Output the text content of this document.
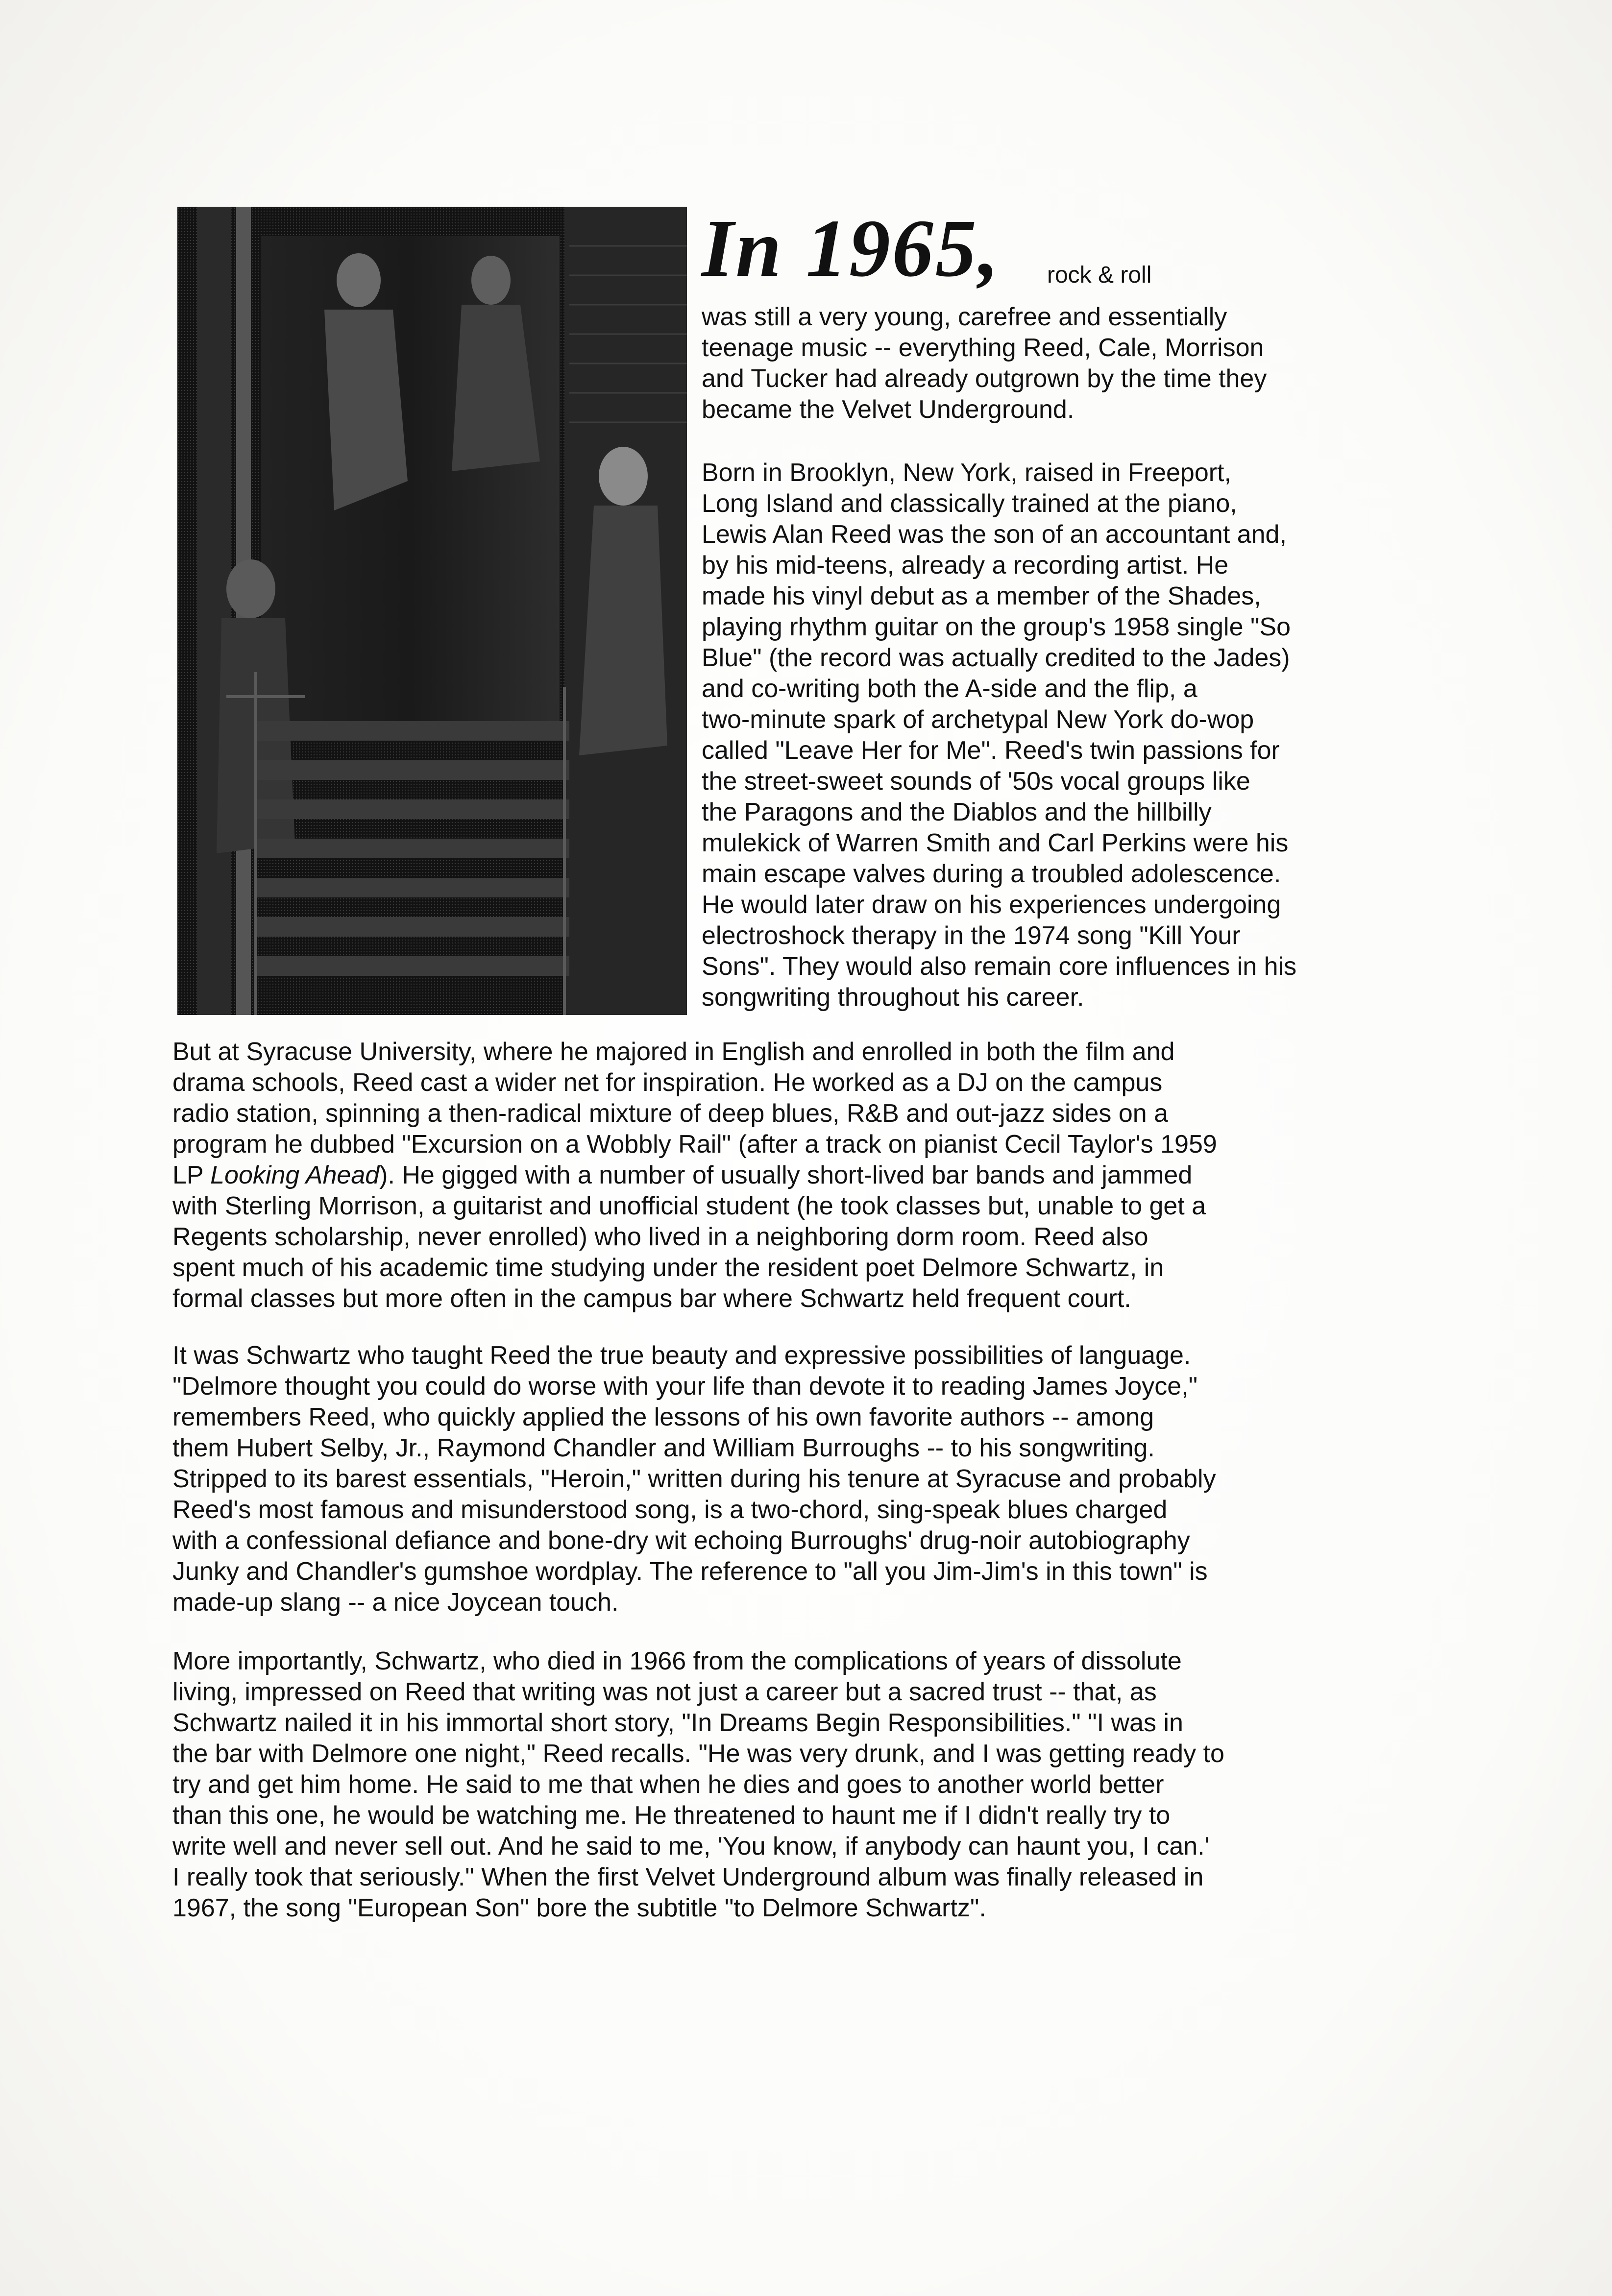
In 1965, rock & roll

was still a very young, carefree and essentially
teenage music -- everything Reed, Cale, Morrison
and Tucker had already outgrown by the time they
became the Velvet Underground.

Born in Brooklyn, New York, raised in Freeport,
Long Island and classically trained at the piano,
Lewis Alan Reed was the son of an accountant and,
by his mid-teens, already a recording artist. He
made his vinyl debut as a member of the Shades,
playing rhythm guitar on the group's 1958 single "So
Blue" (the record was actually credited to the Jades)
and co-writing both the A-side and the flip, a
two-minute spark of archetypal New York do-wop
called "Leave Her for Me". Reed's twin passions for
the street-sweet sounds of '50s vocal groups like
the Paragons and the Diablos and the hillbilly
mulekick of Warren Smith and Carl Perkins were his
main escape valves during a troubled adolescence.
He would later draw on his experiences undergoing
electroshock therapy in the 1974 song "Kill Your
Sons". They would also remain core influences in his
songwriting throughout his career.

But at Syracuse University, where he majored in English and enrolled in both the film and
drama schools, Reed cast a wider net for inspiration. He worked as a DJ on the campus
radio station, spinning a then-radical mixture of deep blues, R&B and out-jazz sides on a
program he dubbed "Excursion on a Wobbly Rail" (after a track on pianist Cecil Taylor's 1959
LP Looking Ahead). He gigged with a number of usually short-lived bar bands and jammed
with Sterling Morrison, a guitarist and unofficial student (he took classes but, unable to get a
Regents scholarship, never enrolled) who lived in a neighboring dorm room. Reed also
spent much of his academic time studying under the resident poet Delmore Schwartz, in
formal classes but more often in the campus bar where Schwartz held frequent court.

It was Schwartz who taught Reed the true beauty and expressive possibilities of language.
"Delmore thought you could do worse with your life than devote it to reading James Joyce,"
remembers Reed, who quickly applied the lessons of his own favorite authors -- among
them Hubert Selby, Jr., Raymond Chandler and William Burroughs -- to his songwriting.
Stripped to its barest essentials, "Heroin," written during his tenure at Syracuse and probably
Reed's most famous and misunderstood song, is a two-chord, sing-speak blues charged
with a confessional defiance and bone-dry wit echoing Burroughs' drug-noir autobiography
Junky and Chandler's gumshoe wordplay. The reference to "all you Jim-Jim's in this town" is
made-up slang -- a nice Joycean touch.

More importantly, Schwartz, who died in 1966 from the complications of years of dissolute
living, impressed on Reed that writing was not just a career but a sacred trust -- that, as
Schwartz nailed it in his immortal short story, "In Dreams Begin Responsibilities." "I was in
the bar with Delmore one night," Reed recalls. "He was very drunk, and I was getting ready to
try and get him home. He said to me that when he dies and goes to another world better
than this one, he would be watching me. He threatened to haunt me if I didn't really try to
write well and never sell out. And he said to me, 'You know, if anybody can haunt you, I can.'
I really took that seriously." When the first Velvet Underground album was finally released in
1967, the song "European Son" bore the subtitle "to Delmore Schwartz".
